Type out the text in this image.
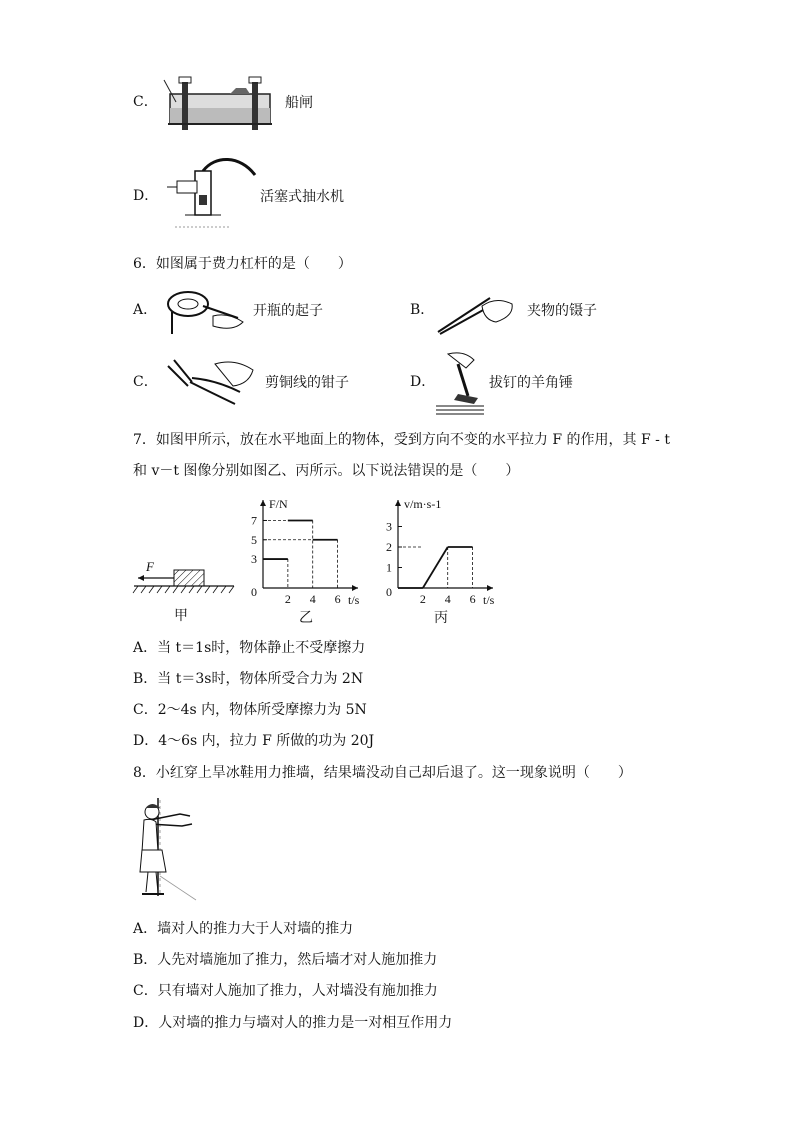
C．	船闸
D．	活塞式抽水机
6．如图属于费力杠杆的是（　　）
A．	开瓶的起子	B．	夹物的镊子
C．	剪铜线的钳子	D．	拔钉的羊角锤
7．如图甲所示，放在水平地面上的物体，受到方向不变的水平拉力 F 的作用，其 F - t
和 v－t 图像分别如图乙、丙所示。以下说法错误的是（　　）
F
甲
F/N
t/s
0 2 4 6
3
5
7
乙
v/m·s-1
t/s
0 2 4 6
1
2
3
丙
A．当 t＝1s时，物体静止不受摩擦力
B．当 t＝3s时，物体所受合力为 2N
C．2～4s 内，物体所受摩擦力为 5N
D．4～6s 内，拉力 F 所做的功为 20J
8．小红穿上旱冰鞋用力推墙，结果墙没动自己却后退了。这一现象说明（　　）
A．墙对人的推力大于人对墙的推力
B．人先对墙施加了推力，然后墙才对人施加推力
C．只有墙对人施加了推力，人对墙没有施加推力
D．人对墙的推力与墙对人的推力是一对相互作用力
